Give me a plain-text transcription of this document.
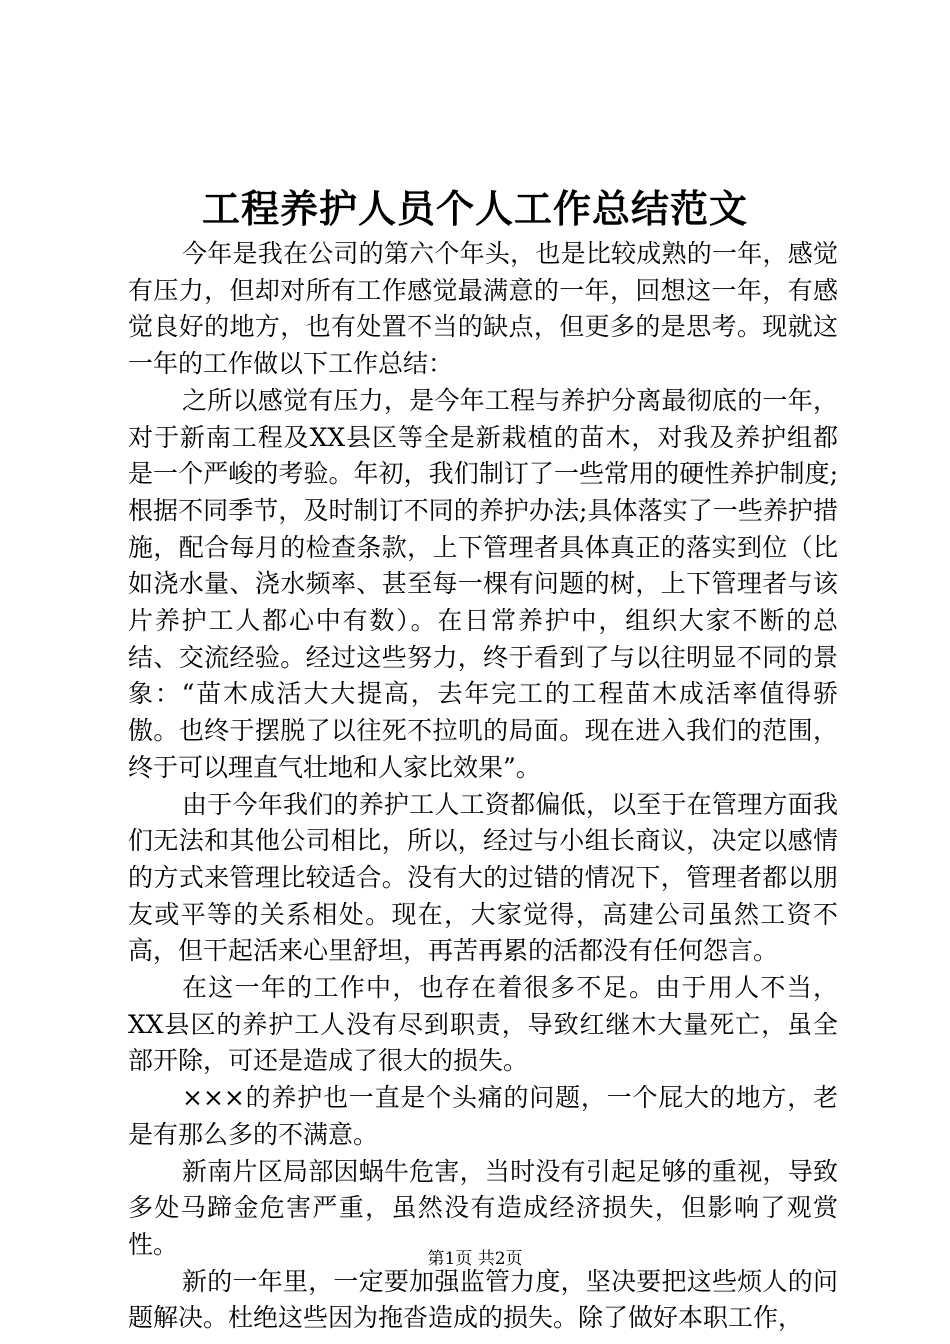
工程养护人员个人工作总结范文

今年是我在公司的第六个年头，也是比较成熟的一年，感觉有压力，但却对所有工作感觉最满意的一年，回想这一年，有感觉良好的地方，也有处置不当的缺点，但更多的是思考。现就这一年的工作做以下工作总结：

之所以感觉有压力，是今年工程与养护分离最彻底的一年，对于新南工程及XX县区等全是新栽植的苗木，对我及养护组都是一个严峻的考验。年初，我们制订了一些常用的硬性养护制度;根据不同季节，及时制订不同的养护办法;具体落实了一些养护措施，配合每月的检查条款，上下管理者具体真正的落实到位（比如浇水量、浇水频率、甚至每一棵有问题的树，上下管理者与该片养护工人都心中有数）。在日常养护中，组织大家不断的总结、交流经验。经过这些努力，终于看到了与以往明显不同的景象：“苗木成活大大提高，去年完工的工程苗木成活率值得骄傲。也终于摆脱了以往死不拉叽的局面。现在进入我们的范围，终于可以理直气壮地和人家比效果”。

由于今年我们的养护工人工资都偏低，以至于在管理方面我们无法和其他公司相比，所以，经过与小组长商议，决定以感情的方式来管理比较适合。没有大的过错的情况下，管理者都以朋友或平等的关系相处。现在，大家觉得，高建公司虽然工资不高，但干起活来心里舒坦，再苦再累的活都没有任何怨言。

在这一年的工作中，也存在着很多不足。由于用人不当，XX县区的养护工人没有尽到职责，导致红继木大量死亡，虽全部开除，可还是造成了很大的损失。

×××的养护也一直是个头痛的问题，一个屁大的地方，老是有那么多的不满意。

新南片区局部因蜗牛危害，当时没有引起足够的重视，导致多处马蹄金危害严重，虽然没有造成经济损失，但影响了观赏性。

新的一年里，一定要加强监管力度，坚决要把这些烦人的问题解决。杜绝这些因为拖沓造成的损失。除了做好本职工作，

第1页 共2页
